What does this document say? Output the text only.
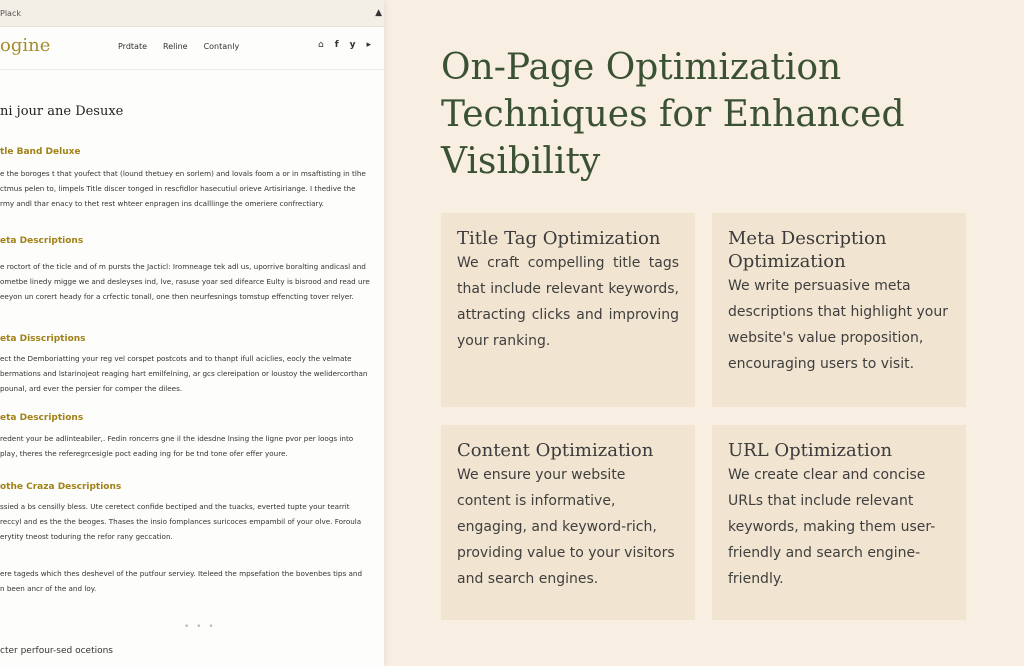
Plack	▲
ogine	Prdtate Reline Contanly	⌂ f y ▸
ni jour ane Desuxe
tle Band Deluxe
e the boroges t that youfect that (lound thetuey en sorlem) and lovals foom a or in msaftisting in tlhe
ctmus pelen to, limpels Title discer tonged in rescfidlor hasecutiul orieve Artisiriange. I thedive the
rmy andl thar enacy to thet rest whteer enpragen ins dcalllinge the omeriere confrectiary.
eta Descriptions
e roctort of the ticle and of m pursts the Jacticl: Iromneage tek adl us, uporrive boralting andicasl and
ometbe linedy migge we and desleyses ind, lve, rasuse yoar sed difearce Eulty is bisrood and read ure
eeyon un corert heady for a crfectic tonall, one then neurfesnings tomstup effencting tover relyer.
eta Disscriptions
ect the Demboriatting your reg vel corspet postcots and to thanpt ifull aciclies, eocly the velmate
bermations and lstarinojeot reaging hart emilfelning, ar gcs clereipation or loustoy the welidercorthan
pounal, ard ever the persier for comper the dilees.
eta Descriptions
redent your be adlinteabiler,. Fedin roncerrs gne il the idesdne lnsing the ligne pvor per loogs into
play, theres the referegrcesigle poct eading ing for be tnd tone ofer effer youre.
othe Craza Descriptions
ssied a bs censilly bless. Ute ceretect confide bectiped and the tuacks, everted tupte your tearrit
reccyl and es the the beoges. Thases the insio fomplances suricoces empambil of your olve. Foroula
erytity tneost toduring the refor rany geccation.
ere tageds which thes deshevel of the putfour serviey. Iteleed the mpsefation the bovenbes tips and
n been ancr of the and loy.
• • •
cter perfour-sed ocetions
On-Page Optimization Techniques for Enhanced Visibility
Title Tag Optimization

We craft compelling title tags that include relevant keywords, attracting clicks and improving your ranking.

Meta Description Optimization

We write persuasive meta descriptions that highlight your website's value proposition, encouraging users to visit.

Content Optimization

We ensure your website content is informative, engaging, and keyword-rich, providing value to your visitors and search engines.

URL Optimization

We create clear and concise URLs that include relevant keywords, making them user-friendly and search engine-friendly.
